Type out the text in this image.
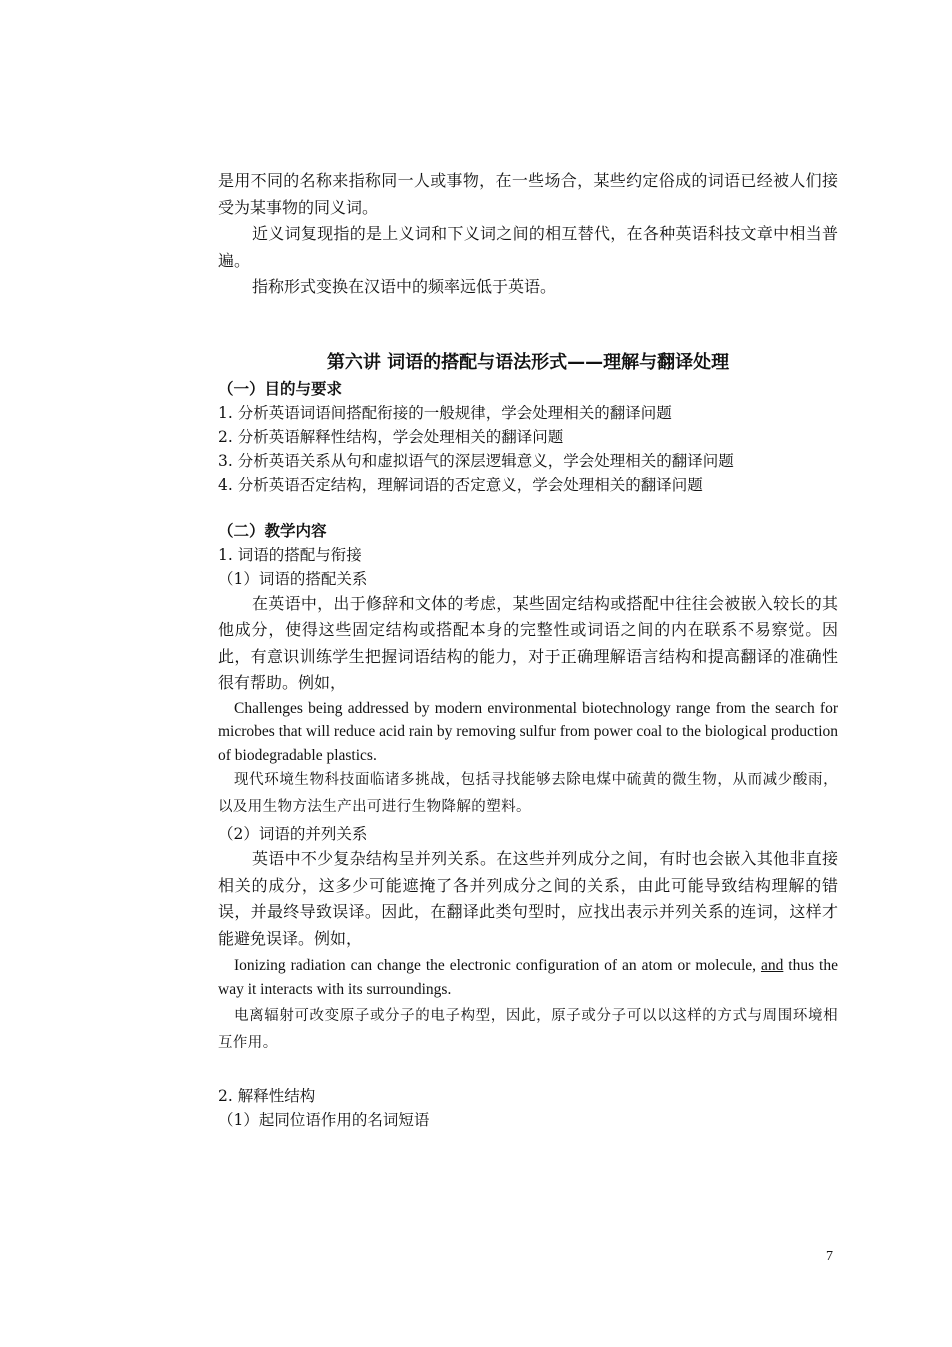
是用不同的名称来指称同一人或事物，在一些场合，某些约定俗成的词语已经被人们接受为某事物的同义词。

近义词复现指的是上义词和下义词之间的相互替代，在各种英语科技文章中相当普遍。

指称形式变换在汉语中的频率远低于英语。

第六讲 词语的搭配与语法形式——理解与翻译处理

（一）目的与要求

1. 分析英语词语间搭配衔接的一般规律，学会处理相关的翻译问题

2. 分析英语解释性结构，学会处理相关的翻译问题

3. 分析英语关系从句和虚拟语气的深层逻辑意义，学会处理相关的翻译问题

4. 分析英语否定结构，理解词语的否定意义，学会处理相关的翻译问题

（二）教学内容

1. 词语的搭配与衔接

（1）词语的搭配关系

在英语中，出于修辞和文体的考虑，某些固定结构或搭配中往往会被嵌入较长的其他成分，使得这些固定结构或搭配本身的完整性或词语之间的内在联系不易察觉。因此，有意识训练学生把握词语结构的能力，对于正确理解语言结构和提高翻译的准确性很有帮助。例如，

Challenges being addressed by modern environmental biotechnology range from the search for microbes that will reduce acid rain by removing sulfur from power coal to the biological production of biodegradable plastics.

现代环境生物科技面临诸多挑战，包括寻找能够去除电煤中硫黄的微生物，从而减少酸雨，以及用生物方法生产出可进行生物降解的塑料。

（2）词语的并列关系

英语中不少复杂结构呈并列关系。在这些并列成分之间，有时也会嵌入其他非直接相关的成分，这多少可能遮掩了各并列成分之间的关系，由此可能导致结构理解的错误，并最终导致误译。因此，在翻译此类句型时，应找出表示并列关系的连词，这样才能避免误译。例如，

Ionizing radiation can change the electronic configuration of an atom or molecule, and thus the way it interacts with its surroundings.

电离辐射可改变原子或分子的电子构型，因此，原子或分子可以以这样的方式与周围环境相互作用。

2. 解释性结构

（1）起同位语作用的名词短语

7
